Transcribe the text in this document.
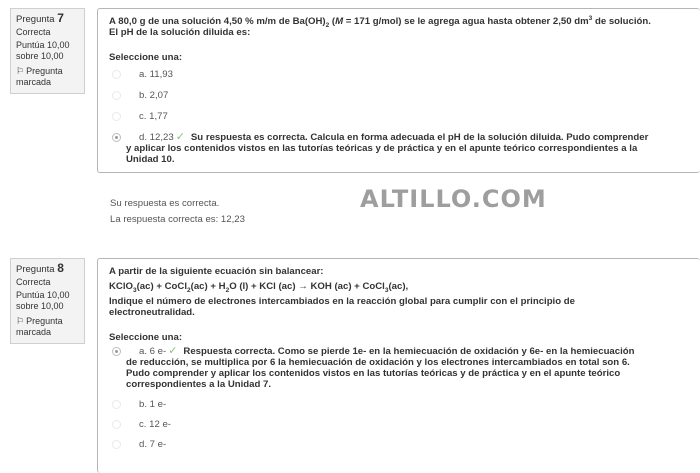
Pregunta 7
Correcta
Puntúa 10,00
sobre 10,00
⚐ Pregunta
marcada

A 80,0 g de una solución 4,50 % m/m de $Ba(OH)_2$ (M = 171 g/mol) se le agrega agua hasta obtener 2,50 $dm^3$ de solución.

El pH de la solución diluida es:

Seleccione una:

a. 11,93
b. 2,07
c. 1,77
d. 12,23 ✓ Su respuesta es correcta. Calcula en forma adecuada el pH de la solución diluida. Pudo comprender

y aplicar los contenidos vistos en las tutorías teóricas y de práctica y en el apunte teórico correspondientes a la

Unidad 10.

Su respuesta es correcta.
La respuesta correcta es: 12,23
ALTILLO.COM
Pregunta 8
Correcta
Puntúa 10,00
sobre 10,00
⚐ Pregunta
marcada

A partir de la siguiente ecuación sin balancear:

KClO$_3$(ac) + CoCl$_2$(ac) + $H_2O$ (l) + KCl (ac) → KOH (ac) + CoCl$_3$(ac),

Indique el número de electrones intercambiados en la reacción global para cumplir con el principio de

electroneutralidad.

Seleccione una:

a. 6 e- ✓ Respuesta correcta. Como se pierde 1e- en la hemiecuación de oxidación y 6e- en la hemiecuación

de reducción, se multiplica por 6 la hemiecuación de oxidación y los electrones intercambiados en total son 6.

Pudo comprender y aplicar los contenidos vistos en las tutorías teóricas y de práctica y en el apunte teórico

correspondientes a la Unidad 7.

b. 1 e-
c. 12 e-
d. 7 e-
